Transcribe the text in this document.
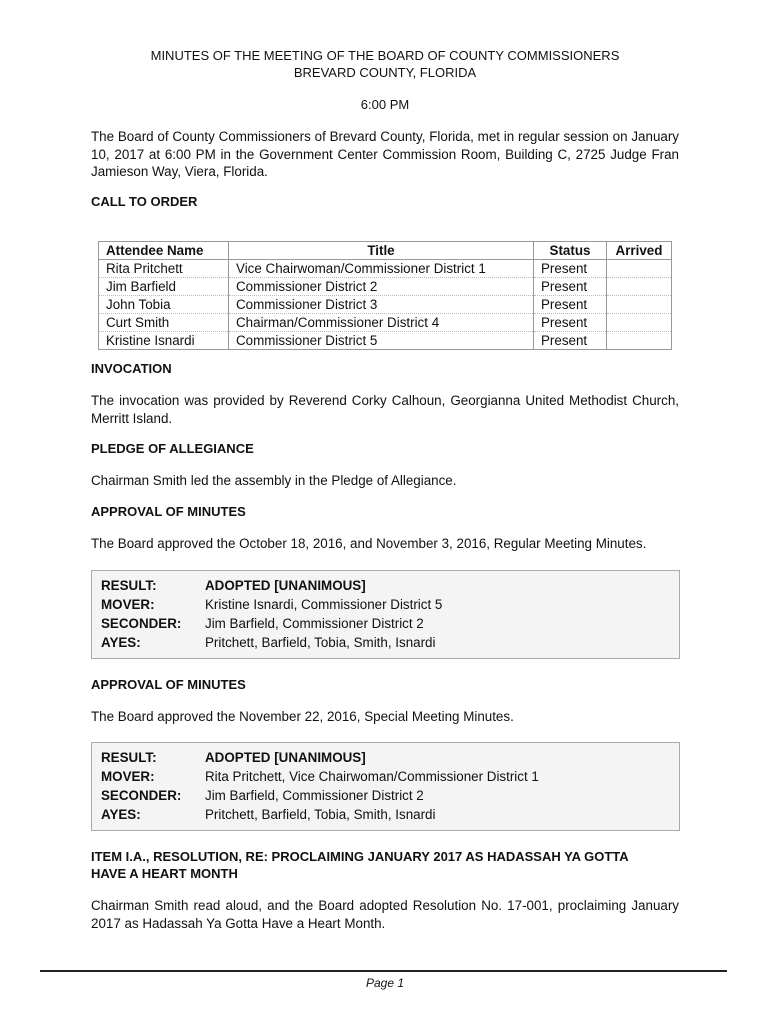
MINUTES OF THE MEETING OF THE BOARD OF COUNTY COMMISSIONERS
BREVARD COUNTY, FLORIDA
6:00 PM
The Board of County Commissioners of Brevard County, Florida, met in regular session on January 10, 2017 at 6:00 PM in the Government Center Commission Room, Building C, 2725 Judge Fran Jamieson Way, Viera, Florida.
CALL TO ORDER
Attendee Name	Title	Status	Arrived
Rita Pritchett	Vice Chairwoman/Commissioner District 1	Present	
Jim Barfield	Commissioner District 2	Present	
John Tobia	Commissioner District 3	Present	
Curt Smith	Chairman/Commissioner District 4	Present	
Kristine Isnardi	Commissioner District 5	Present	
INVOCATION
The invocation was provided by Reverend Corky Calhoun, Georgianna United Methodist Church, Merritt Island.
PLEDGE OF ALLEGIANCE
Chairman Smith led the assembly in the Pledge of Allegiance.
APPROVAL OF MINUTES
The Board approved the October 18, 2016, and November 3, 2016, Regular Meeting Minutes.
RESULT:	ADOPTED [UNANIMOUS]
MOVER:	Kristine Isnardi, Commissioner District 5
SECONDER: Jim Barfield, Commissioner District 2
AYES:	Pritchett, Barfield, Tobia, Smith, Isnardi
APPROVAL OF MINUTES
The Board approved the November 22, 2016, Special Meeting Minutes.
RESULT:	ADOPTED [UNANIMOUS]
MOVER:	Rita Pritchett, Vice Chairwoman/Commissioner District 1
SECONDER: Jim Barfield, Commissioner District 2
AYES:	Pritchett, Barfield, Tobia, Smith, Isnardi
ITEM I.A., RESOLUTION, RE: PROCLAIMING JANUARY 2017 AS HADASSAH YA GOTTA
HAVE A HEART MONTH
Chairman Smith read aloud, and the Board adopted Resolution No. 17-001, proclaiming January 2017 as Hadassah Ya Gotta Have a Heart Month.
Page 1
